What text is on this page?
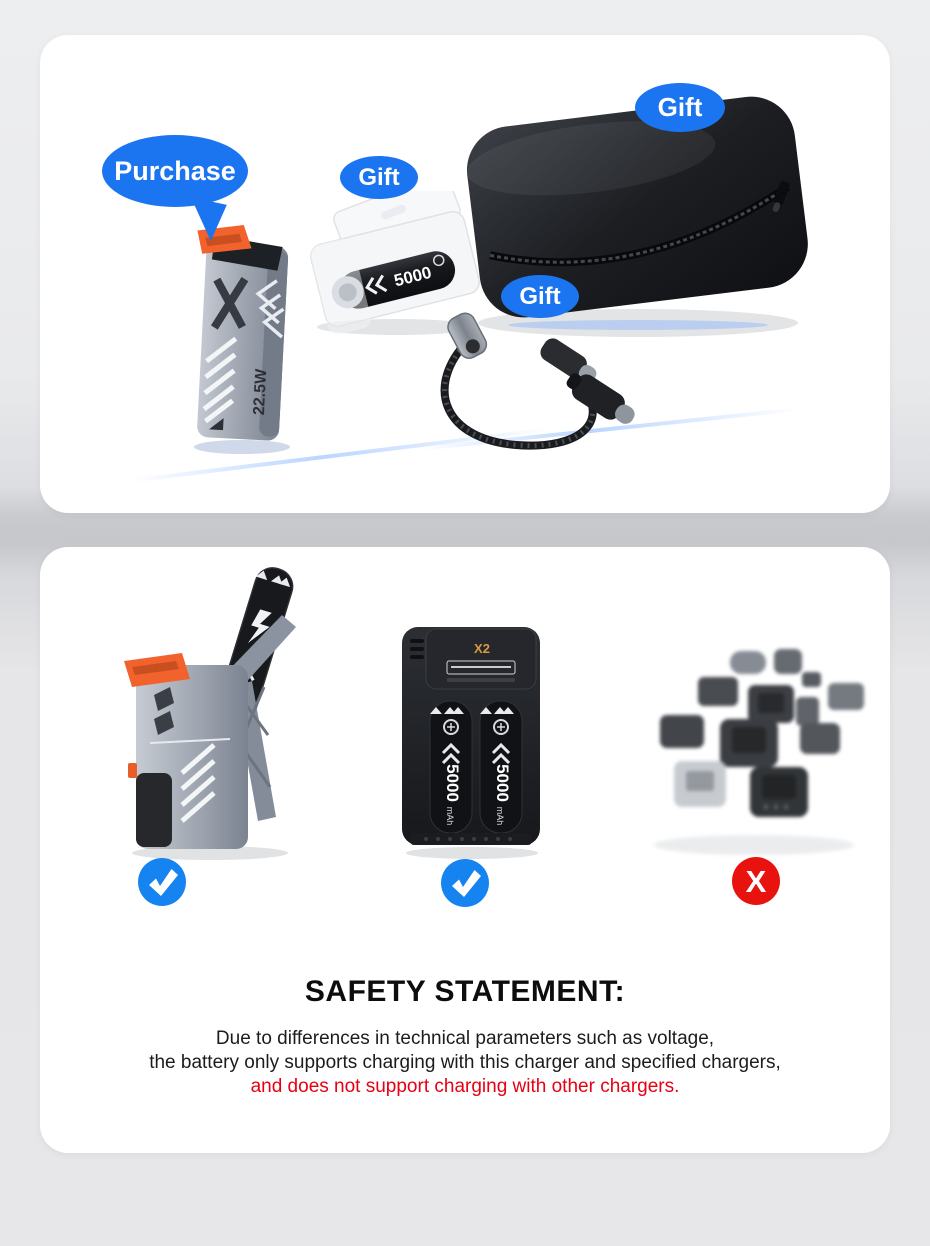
5000
22.5W
Purchase	Gift
Gift
Gift
X2
5000
mAh
5000
mAh
X
SAFETY STATEMENT:
Due to differences in technical parameters such as voltage,
the battery only supports charging with this charger and specified chargers,
and does not support charging with other chargers.
